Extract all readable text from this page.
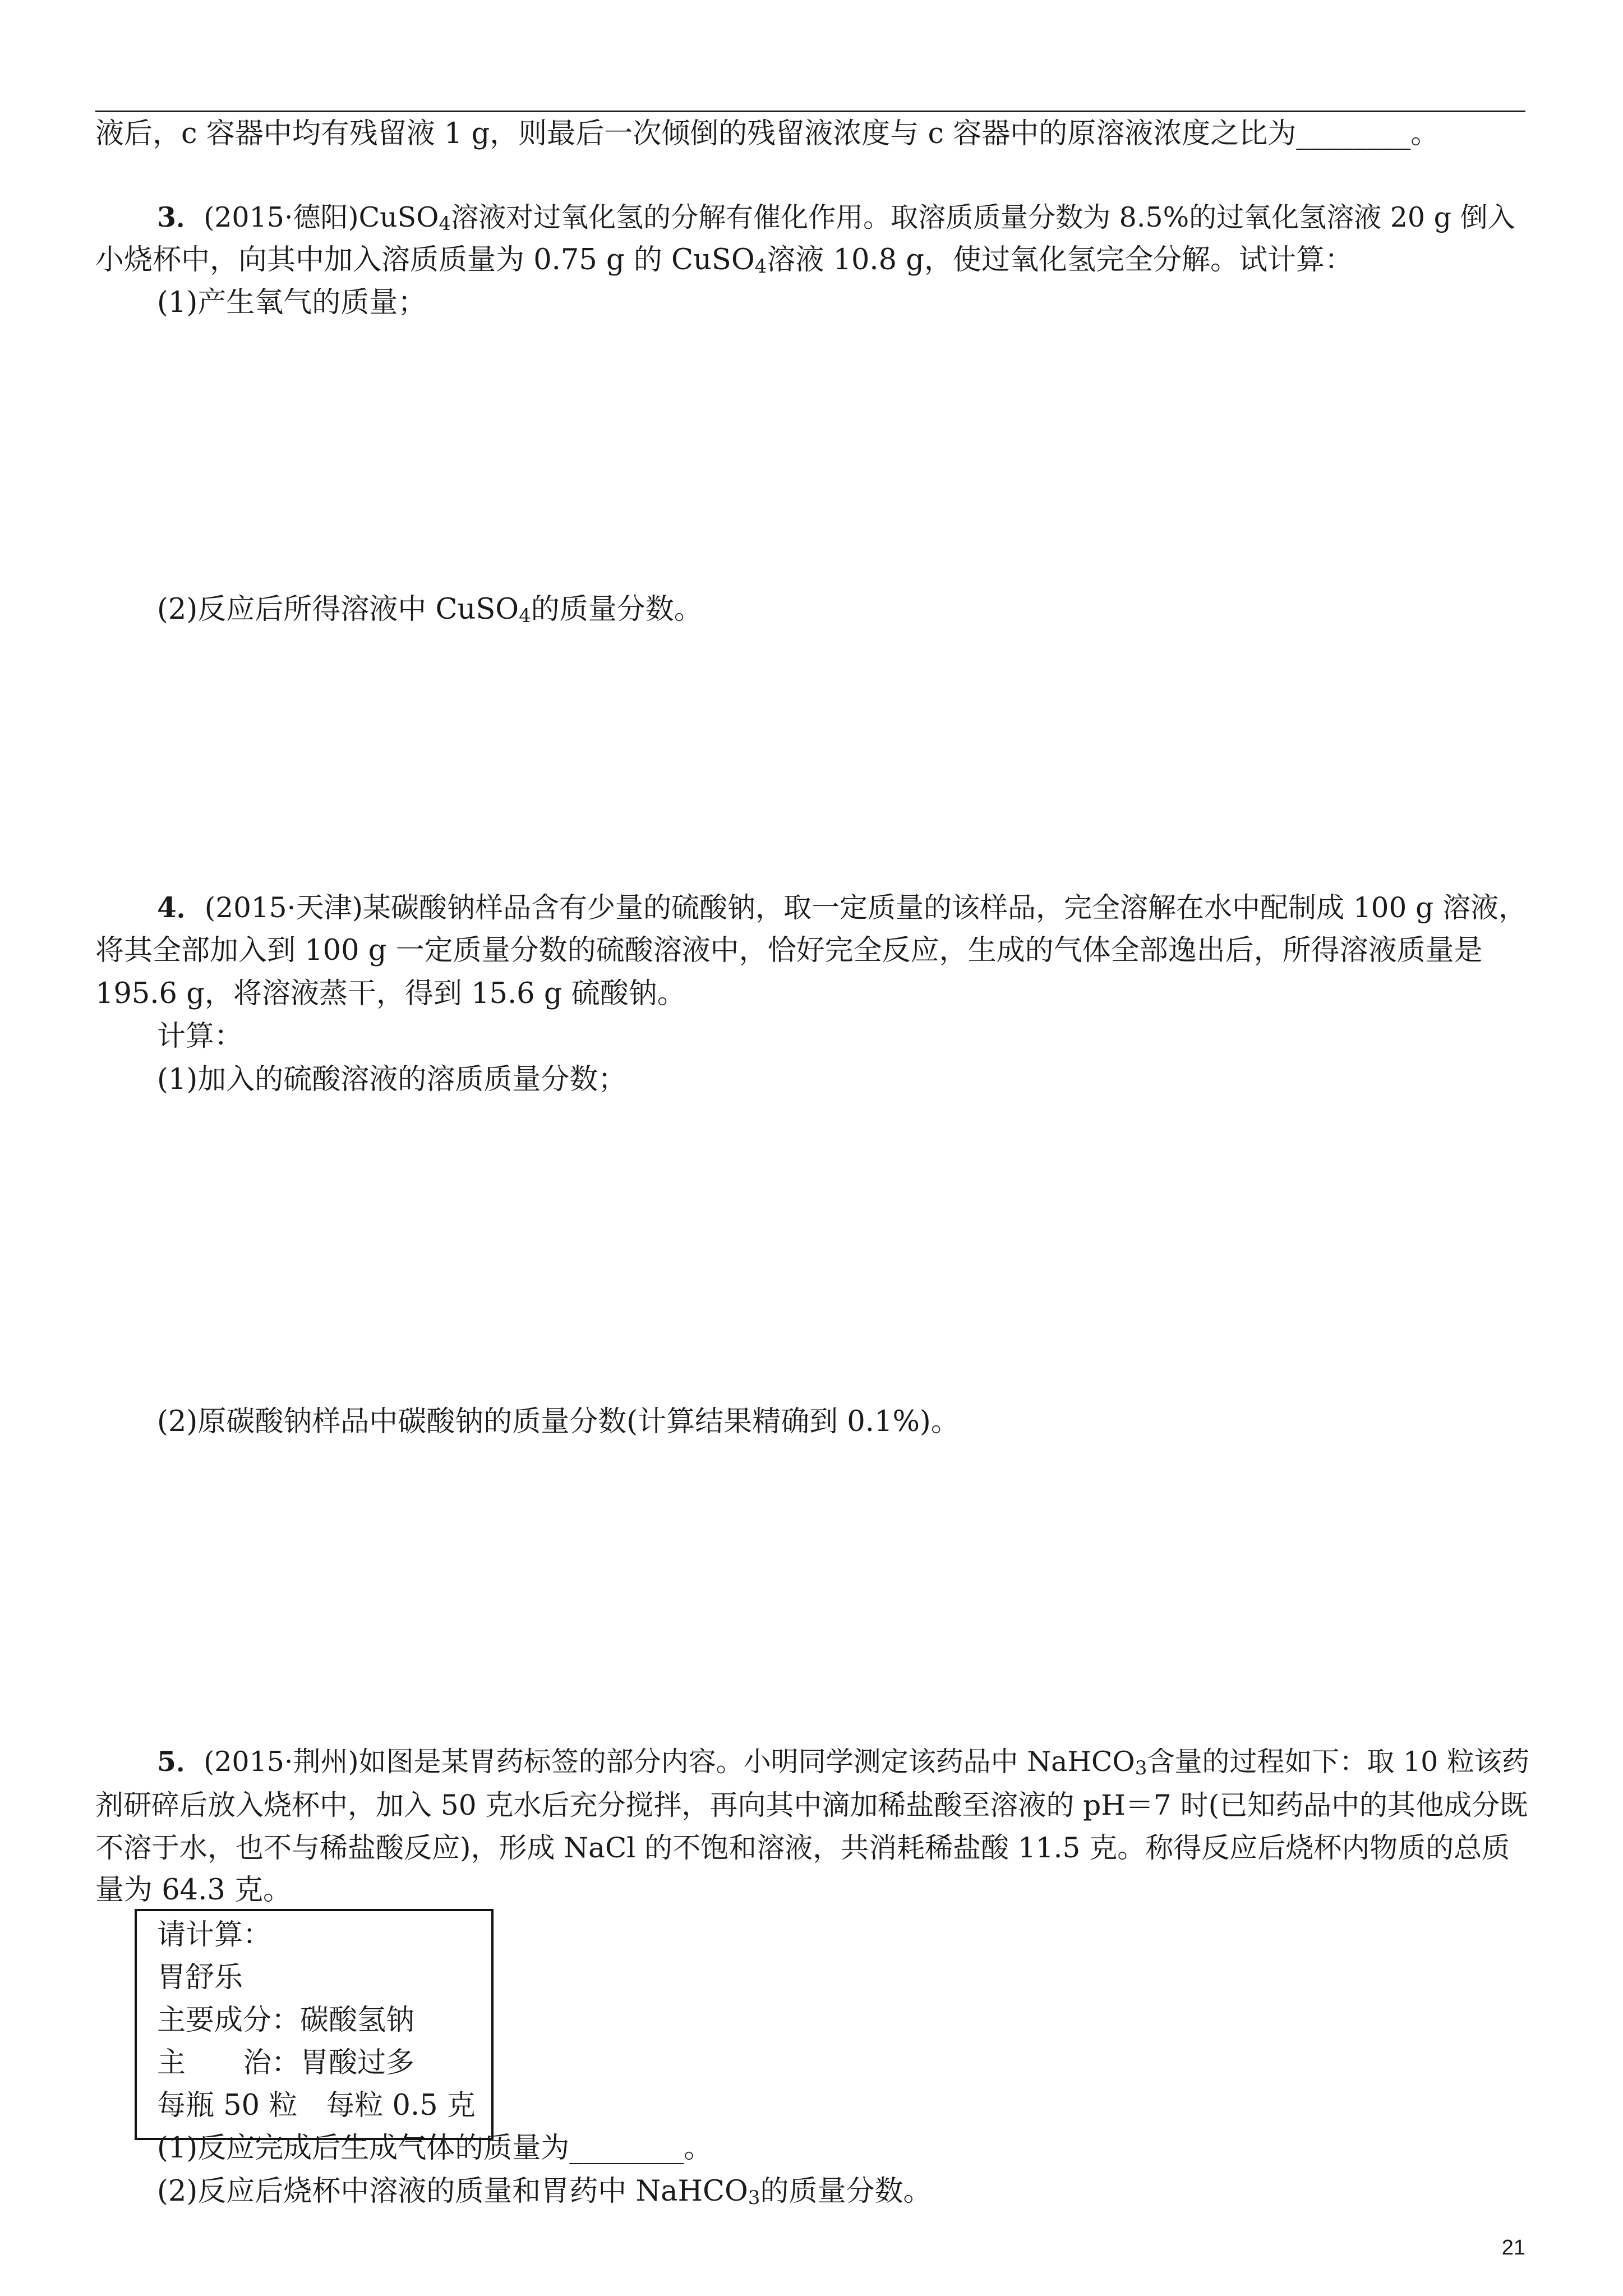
液后，c 容器中均有残留液 1 g，则最后一次倾倒的残留液浓度与 c 容器中的原溶液浓度之比为________。
3．(2015·德阳)CuSO$_4$溶液对过氧化氢的分解有催化作用。取溶质质量分数为 8.5%的过氧化氢溶液 20 g 倒入
小烧杯中，向其中加入溶质质量为 0.75 g 的 CuSO$_4$溶液 10.8 g，使过氧化氢完全分解。试计算：
(1)产生氧气的质量；
(2)反应后所得溶液中 CuSO$_4$的质量分数。
4．(2015·天津)某碳酸钠样品含有少量的硫酸钠，取一定质量的该样品，完全溶解在水中配制成 100 g 溶液，
将其全部加入到 100 g 一定质量分数的硫酸溶液中，恰好完全反应，生成的气体全部逸出后，所得溶液质量是
195.6 g，将溶液蒸干，得到 15.6 g 硫酸钠。
计算：
(1)加入的硫酸溶液的溶质质量分数；
(2)原碳酸钠样品中碳酸钠的质量分数(计算结果精确到 0.1%)。
5．(2015·荆州)如图是某胃药标签的部分内容。小明同学测定该药品中 NaHCO$_3$含量的过程如下：取 10 粒该药
剂研碎后放入烧杯中，加入 50 克水后充分搅拌，再向其中滴加稀盐酸至溶液的 pH＝7 时(已知药品中的其他成分既
不溶于水，也不与稀盐酸反应)，形成 NaCl 的不饱和溶液，共消耗稀盐酸 11.5 克。称得反应后烧杯内物质的总质
量为 64.3 克。
请计算：
胃舒乐
主要成分：碳酸氢钠
主　　治：胃酸过多
每瓶 50 粒　每粒 0.5 克
(1)反应完成后生成气体的质量为________。
(2)反应后烧杯中溶液的质量和胃药中 NaHCO$_3$的质量分数。
21
